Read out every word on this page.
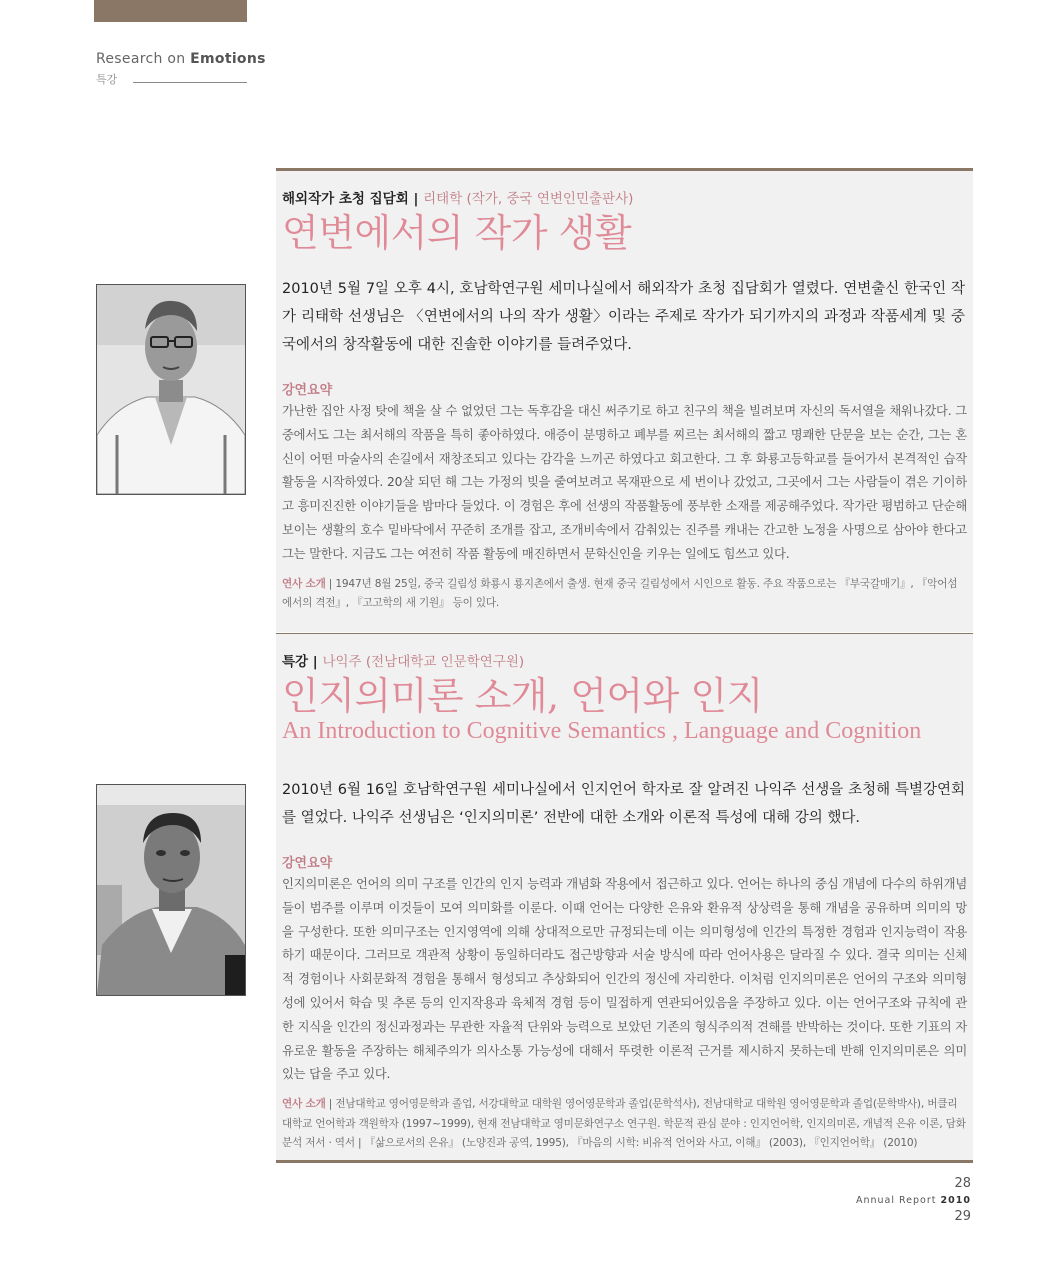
Research on Emotions
특강
해외작가 초청 집담회 | 리태학 (작가, 중국 연변인민출판사)
연변에서의 작가 생활
2010년 5월 7일 오후 4시, 호남학연구원 세미나실에서 해외작가 초청 집담회가 열렸다. 연변출신 한국인 작가 리태학 선생님은 〈연변에서의 나의 작가 생활〉이라는 주제로 작가가 되기까지의 과정과 작품세계 및 중국에서의 창작활동에 대한 진솔한 이야기를 들려주었다.
강연요약
가난한 집안 사정 탓에 책을 살 수 없었던 그는 독후감을 대신 써주기로 하고 친구의 책을 빌려보며 자신의 독서열을 채워나갔다. 그중에서도 그는 최서해의 작품을 특히 좋아하였다. 애증이 분명하고 폐부를 찌르는 최서해의 짧고 명쾌한 단문을 보는 순간, 그는 혼신이 어떤 마술사의 손길에서 재창조되고 있다는 감각을 느끼곤 하였다고 회고한다. 그 후 화룡고등학교를 들어가서 본격적인 습작활동을 시작하였다. 20살 되던 해 그는 가정의 빚을 줄여보려고 목재판으로 세 번이나 갔었고, 그곳에서 그는 사람들이 겪은 기이하고 흥미진진한 이야기들을 밤마다 들었다. 이 경험은 후에 선생의 작품활동에 풍부한 소재를 제공해주었다. 작가란 평범하고 단순해 보이는 생활의 호수 밑바닥에서 꾸준히 조개를 잡고, 조개비속에서 감춰있는 진주를 캐내는 간고한 노정을 사명으로 삼아야 한다고 그는 말한다. 지금도 그는 여전히 작품 활동에 매진하면서 문학신인을 키우는 일에도 힘쓰고 있다.
연사 소개 | 1947년 8월 25일, 중국 길림성 화룡시 룡지촌에서 출생. 현재 중국 길림성에서 시인으로 활동. 주요 작품으로는 『부국갈매기』, 『악어섬에서의 격전』, 『고고학의 새 기원』 등이 있다.
특강 | 나익주 (전남대학교 인문학연구원)
인지의미론 소개, 언어와 인지
An Introduction to Cognitive Semantics , Language and Cognition
2010년 6월 16일 호남학연구원 세미나실에서 인지언어 학자로 잘 알려진 나익주 선생을 초청해 특별강연회를 열었다. 나익주 선생님은 ‘인지의미론’ 전반에 대한 소개와 이론적 특성에 대해 강의 했다.
강연요약
인지의미론은 언어의 의미 구조를 인간의 인지 능력과 개념화 작용에서 접근하고 있다. 언어는 하나의 중심 개념에 다수의 하위개념들이 범주를 이루며 이것들이 모여 의미화를 이룬다. 이때 언어는 다양한 은유와 환유적 상상력을 통해 개념을 공유하며 의미의 망을 구성한다. 또한 의미구조는 인지영역에 의해 상대적으로만 규정되는데 이는 의미형성에 인간의 특정한 경험과 인지능력이 작용하기 때문이다. 그러므로 객관적 상황이 동일하더라도 접근방향과 서술 방식에 따라 언어사용은 달라질 수 있다. 결국 의미는 신체적 경험이나 사회문화적 경험을 통해서 형성되고 추상화되어 인간의 정신에 자리한다. 이처럼 인지의미론은 언어의 구조와 의미형성에 있어서 학습 및 추론 등의 인지작용과 육체적 경험 등이 밀접하게 연관되어있음을 주장하고 있다. 이는 언어구조와 규칙에 관한 지식을 인간의 정신과정과는 무관한 자율적 단위와 능력으로 보았던 기존의 형식주의적 견해를 반박하는 것이다. 또한 기표의 자유로운 활동을 주장하는 해체주의가 의사소통 가능성에 대해서 뚜렷한 이론적 근거를 제시하지 못하는데 반해 인지의미론은 의미 있는 답을 주고 있다.
연사 소개 | 전남대학교 영어영문학과 졸업, 서강대학교 대학원 영어영문학과 졸업(문학석사), 전남대학교 대학원 영어영문학과 졸업(문학박사), 버클리대학교 언어학과 객원학자 (1997~1999), 현재 전남대학교 영미문화연구소 연구원. 학문적 관심 분야 : 인지언어학, 인지의미론, 개념적 은유 이론, 담화 분석 저서 · 역서 | 『삶으로서의 은유』 (노양진과 공역, 1995), 『마음의 시학: 비유적 언어와 사고, 이해』 (2003), 『인지언어학』 (2010)
28
Annual Report 2010
29
